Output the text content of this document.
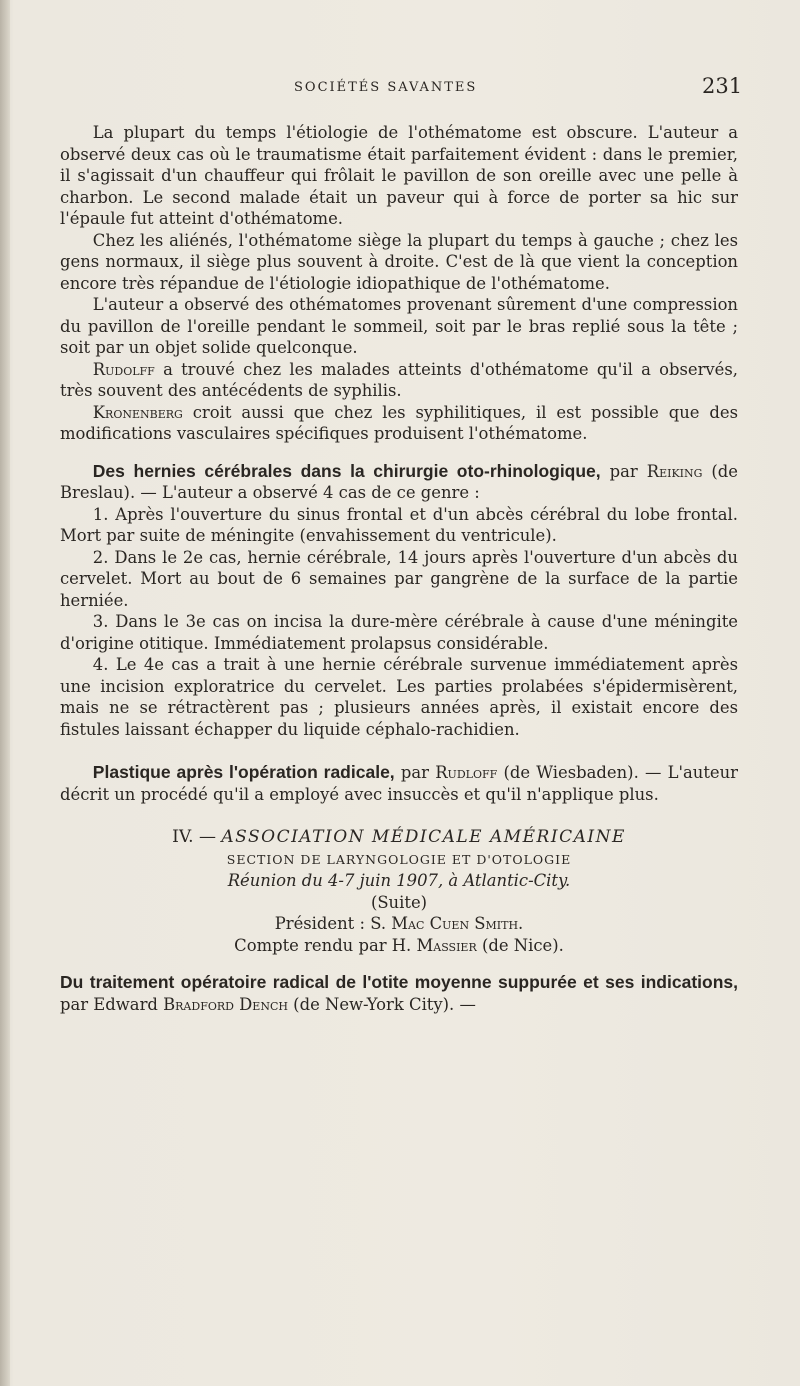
SOCIÉTÉS SAVANTES	231

La plupart du temps l'étiologie de l'othématome est obscure. L'auteur a observé deux cas où le traumatisme était parfaitement évident : dans le premier, il s'agissait d'un chauffeur qui frôlait le pavillon de son oreille avec une pelle à charbon. Le second malade était un paveur qui à force de porter sa hic sur l'épaule fut atteint d'othématome.

Chez les aliénés, l'othématome siège la plupart du temps à gauche ; chez les gens normaux, il siège plus souvent à droite. C'est de là que vient la conception encore très répandue de l'étiologie idiopathique de l'othématome.

L'auteur a observé des othématomes provenant sûrement d'une compression du pavillon de l'oreille pendant le sommeil, soit par le bras replié sous la tête ; soit par un objet solide quelconque.

Rudolff a trouvé chez les malades atteints d'othématome qu'il a observés, très souvent des antécédents de syphilis.

Kronenberg croit aussi que chez les syphilitiques, il est possible que des modifications vasculaires spécifiques produisent l'othématome.

Des hernies cérébrales dans la chirurgie oto-rhinologique, par Reiking (de Breslau). — L'auteur a observé 4 cas de ce genre :

1. Après l'ouverture du sinus frontal et d'un abcès cérébral du lobe frontal. Mort par suite de méningite (envahissement du ventricule).

2. Dans le 2e cas, hernie cérébrale, 14 jours après l'ouverture d'un abcès du cervelet. Mort au bout de 6 semaines par gangrène de la surface de la partie herniée.

3. Dans le 3e cas on incisa la dure-mère cérébrale à cause d'une méningite d'origine otitique. Immédiatement prolapsus considérable.

4. Le 4e cas a trait à une hernie cérébrale survenue immédiatement après une incision exploratrice du cervelet. Les parties prolabées s'épidermisèrent, mais ne se rétractèrent pas ; plusieurs années après, il existait encore des fistules laissant échapper du liquide céphalo-rachidien.

Plastique après l'opération radicale, par Rudloff (de Wiesbaden). — L'auteur décrit un procédé qu'il a employé avec insuccès et qu'il n'applique plus.

IV. — ASSOCIATION MÉDICALE AMÉRICAINE

SECTION DE LARYNGOLOGIE ET D'OTOLOGIE

Réunion du 4-7 juin 1907, à Atlantic-City.

(Suite)

Président : S. Mac Cuen Smith.

Compte rendu par H. Massier (de Nice).

Du traitement opératoire radical de l'otite moyenne suppurée et ses indications, par Edward Bradford Dench (de New-York City). —
